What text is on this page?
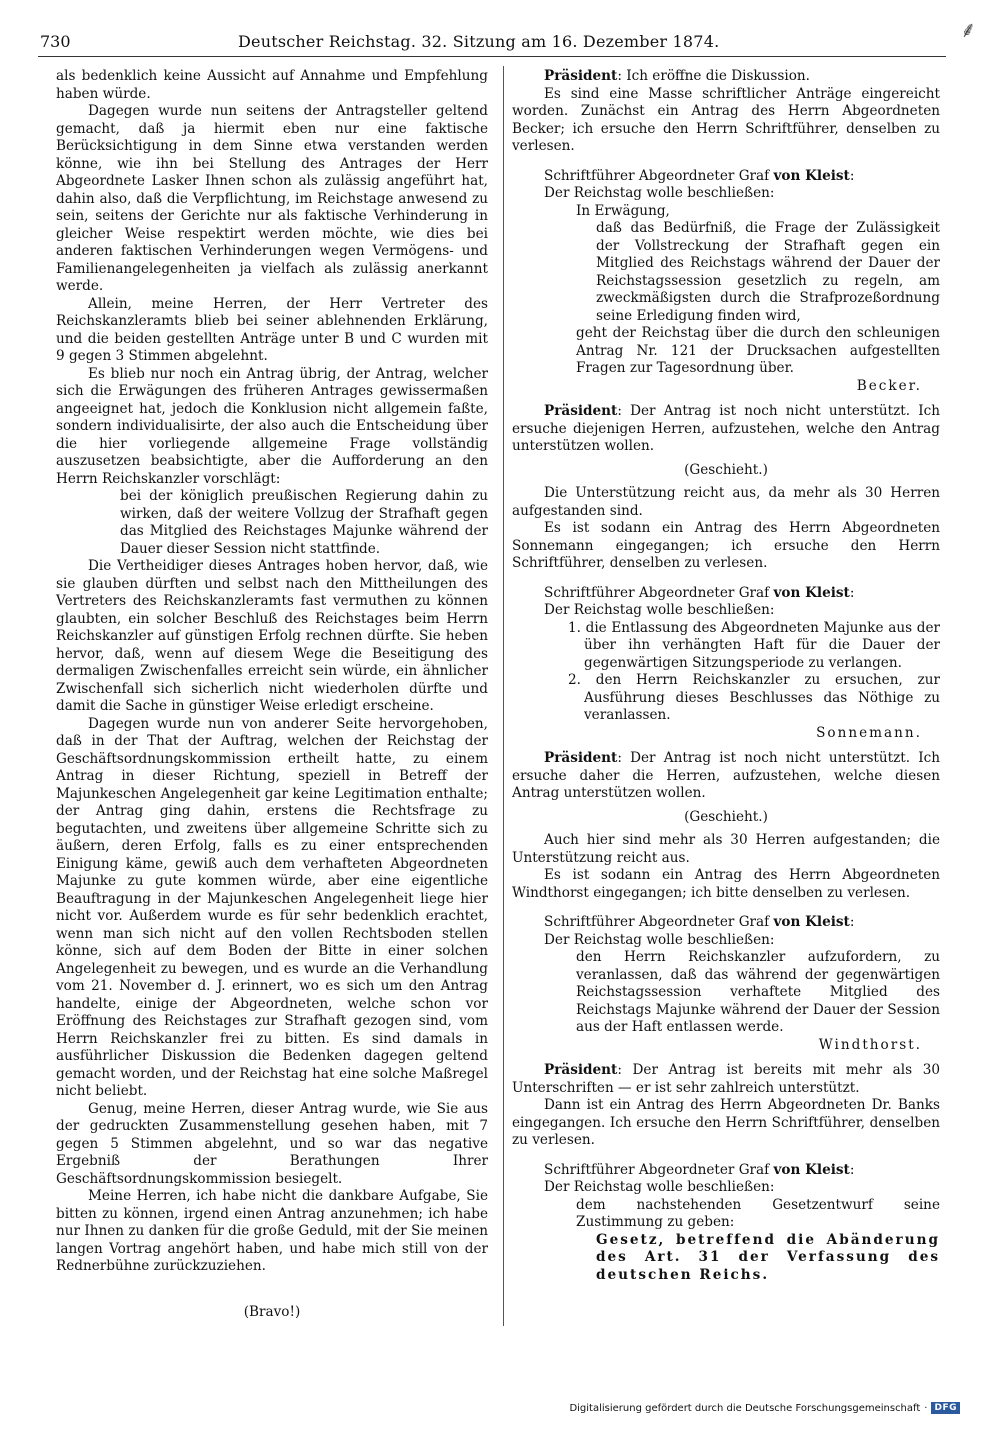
730	Deutscher Reichstag. 32. Sitzung am 16. Dezember 1874.	⸙

als bedenklich keine Aussicht auf Annahme und Empfehlung haben würde.

Dagegen wurde nun seitens der Antragsteller geltend gemacht, daß ja hiermit eben nur eine faktische Berücksichtigung in dem Sinne etwa verstanden werden könne, wie ihn bei Stellung des Antrages der Herr Abgeordnete Lasker Ihnen schon als zulässig angeführt hat, dahin also, daß die Verpflichtung, im Reichstage anwesend zu sein, seitens der Gerichte nur als faktische Verhinderung in gleicher Weise respektirt werden möchte, wie dies bei anderen faktischen Verhinderungen wegen Vermögens- und Familienangelegenheiten ja vielfach als zulässig anerkannt werde.

Allein, meine Herren, der Herr Vertreter des Reichskanzleramts blieb bei seiner ablehnenden Erklärung, und die beiden gestellten Anträge unter B und C wurden mit 9 gegen 3 Stimmen abgelehnt.

Es blieb nur noch ein Antrag übrig, der Antrag, welcher sich die Erwägungen des früheren Antrages gewissermaßen angeeignet hat, jedoch die Konklusion nicht allgemein faßte, sondern individualisirte, der also auch die Entscheidung über die hier vorliegende allgemeine Frage vollständig auszusetzen beabsichtigte, aber die Aufforderung an den Herrn Reichskanzler vorschlägt:

bei der königlich preußischen Regierung dahin zu wirken, daß der weitere Vollzug der Strafhaft gegen das Mitglied des Reichstages Majunke während der Dauer dieser Session nicht stattfinde.

Die Vertheidiger dieses Antrages hoben hervor, daß, wie sie glauben dürften und selbst nach den Mittheilungen des Vertreters des Reichskanzleramts fast vermuthen zu können glaubten, ein solcher Beschluß des Reichstages beim Herrn Reichskanzler auf günstigen Erfolg rechnen dürfte. Sie heben hervor, daß, wenn auf diesem Wege die Beseitigung des dermaligen Zwischenfalles erreicht sein würde, ein ähnlicher Zwischenfall sich sicherlich nicht wiederholen dürfte und damit die Sache in günstiger Weise erledigt erscheine.

Dagegen wurde nun von anderer Seite hervorgehoben, daß in der That der Auftrag, welchen der Reichstag der Geschäftsordnungskommission ertheilt hatte, zu einem Antrag in dieser Richtung, speziell in Betreff der Majunkeschen Angelegenheit gar keine Legitimation enthalte; der Antrag ging dahin, erstens die Rechtsfrage zu begutachten, und zweitens über allgemeine Schritte sich zu äußern, deren Erfolg, falls es zu einer entsprechenden Einigung käme, gewiß auch dem verhafteten Abgeordneten Majunke zu gute kommen würde, aber eine eigentliche Beauftragung in der Majunkeschen Angelegenheit liege hier nicht vor. Außerdem wurde es für sehr bedenklich erachtet, wenn man sich nicht auf den vollen Rechtsboden stellen könne, sich auf dem Boden der Bitte in einer solchen Angelegenheit zu bewegen, und es wurde an die Verhandlung vom 21. November d. J. erinnert, wo es sich um den Antrag handelte, einige der Abgeordneten, welche schon vor Eröffnung des Reichstages zur Strafhaft gezogen sind, vom Herrn Reichskanzler frei zu bitten. Es sind damals in ausführlicher Diskussion die Bedenken dagegen geltend gemacht worden, und der Reichstag hat eine solche Maßregel nicht beliebt.

Genug, meine Herren, dieser Antrag wurde, wie Sie aus der gedruckten Zusammenstellung gesehen haben, mit 7 gegen 5 Stimmen abgelehnt, und so war das negative Ergebniß der Berathungen Ihrer Geschäftsordnungskommission besiegelt.

Meine Herren, ich habe nicht die dankbare Aufgabe, Sie bitten zu können, irgend einen Antrag anzunehmen; ich habe nur Ihnen zu danken für die große Geduld, mit der Sie meinen langen Vortrag angehört haben, und habe mich still von der Rednerbühne zurückzuziehen.

(Bravo!)

Präsident: Ich eröffne die Diskussion.

Es sind eine Masse schriftlicher Anträge eingereicht worden. Zunächst ein Antrag des Herrn Abgeordneten Becker; ich ersuche den Herrn Schriftführer, denselben zu verlesen.

Schriftführer Abgeordneter Graf von Kleist:

Der Reichstag wolle beschließen:

In Erwägung,

daß das Bedürfniß, die Frage der Zulässigkeit der Vollstreckung der Strafhaft gegen ein Mitglied des Reichstags während der Dauer der Reichstagssession gesetzlich zu regeln, am zweckmäßigsten durch die Strafprozeßordnung seine Erledigung finden wird,

geht der Reichstag über die durch den schleunigen Antrag Nr. 121 der Drucksachen aufgestellten Fragen zur Tagesordnung über.

Becker.

Präsident: Der Antrag ist noch nicht unterstützt. Ich ersuche diejenigen Herren, aufzustehen, welche den Antrag unterstützen wollen.

(Geschieht.)

Die Unterstützung reicht aus, da mehr als 30 Herren aufgestanden sind.

Es ist sodann ein Antrag des Herrn Abgeordneten Sonnemann eingegangen; ich ersuche den Herrn Schriftführer, denselben zu verlesen.

Schriftführer Abgeordneter Graf von Kleist:

Der Reichstag wolle beschließen:

1. die Entlassung des Abgeordneten Majunke aus der über ihn verhängten Haft für die Dauer der gegenwärtigen Sitzungsperiode zu verlangen.

2. den Herrn Reichskanzler zu ersuchen, zur Ausführung dieses Beschlusses das Nöthige zu veranlassen.

Sonnemann.

Präsident: Der Antrag ist noch nicht unterstützt. Ich ersuche daher die Herren, aufzustehen, welche diesen Antrag unterstützen wollen.

(Geschieht.)

Auch hier sind mehr als 30 Herren aufgestanden; die Unterstützung reicht aus.

Es ist sodann ein Antrag des Herrn Abgeordneten Windthorst eingegangen; ich bitte denselben zu verlesen.

Schriftführer Abgeordneter Graf von Kleist:

Der Reichstag wolle beschließen:

den Herrn Reichskanzler aufzufordern, zu veranlassen, daß das während der gegenwärtigen Reichstagssession verhaftete Mitglied des Reichstags Majunke während der Dauer der Session aus der Haft entlassen werde.

Windthorst.

Präsident: Der Antrag ist bereits mit mehr als 30 Unterschriften — er ist sehr zahlreich unterstützt.

Dann ist ein Antrag des Herrn Abgeordneten Dr. Banks eingegangen. Ich ersuche den Herrn Schriftführer, denselben zu verlesen.

Schriftführer Abgeordneter Graf von Kleist:

Der Reichstag wolle beschließen:

dem nachstehenden Gesetzentwurf seine Zustimmung zu geben:

Gesetz, betreffend die Abänderung des Art. 31 der Verfassung des deutschen Reichs.

Digitalisierung gefördert durch die Deutsche Forschungsgemeinschaft · DFG
